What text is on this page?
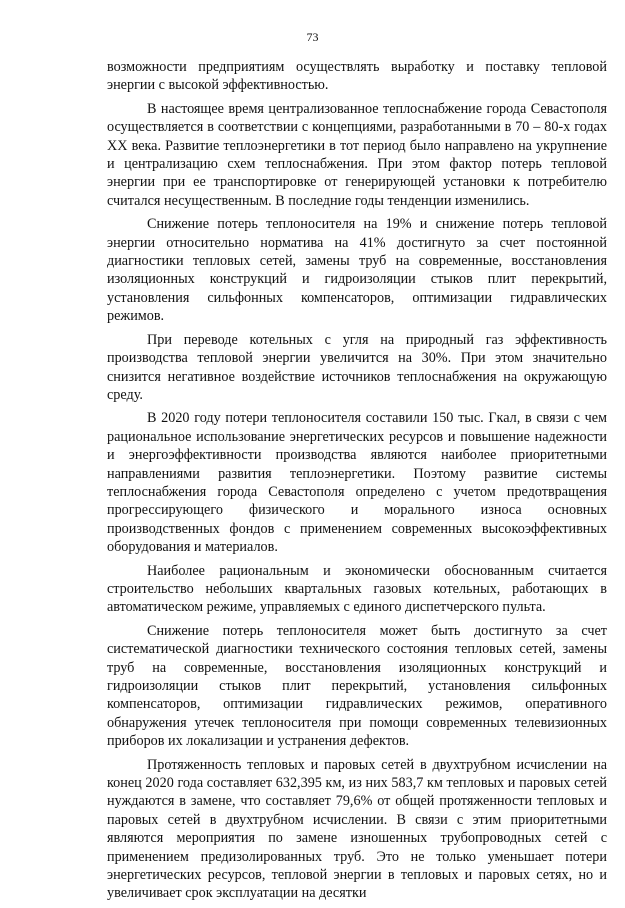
73

возможности предприятиям осуществлять выработку и поставку тепловой энергии с высокой эффективностью.

В настоящее время централизованное теплоснабжение города Севастополя осуществляется в соответствии с концепциями, разработанными в 70 – 80-х годах XX века. Развитие теплоэнергетики в тот период было направлено на укрупнение и централизацию схем теплоснабжения. При этом фактор потерь тепловой энергии при ее транспортировке от генерирующей установки к потребителю считался несущественным. В последние годы тенденции изменились.

Снижение потерь теплоносителя на 19% и снижение потерь тепловой энергии относительно норматива на 41% достигнуто за счет постоянной диагностики тепловых сетей, замены труб на современные, восстановления изоляционных конструкций и гидроизоляции стыков плит перекрытий, установления сильфонных компенсаторов, оптимизации гидравлических режимов.

При переводе котельных с угля на природный газ эффективность производства тепловой энергии увеличится на 30%. При этом значительно снизится негативное воздействие источников теплоснабжения на окружающую среду.

В 2020 году потери теплоносителя составили 150 тыс. Гкал, в связи с чем рациональное использование энергетических ресурсов и повышение надежности и энергоэффективности производства являются наиболее приоритетными направлениями развития теплоэнергетики. Поэтому развитие системы теплоснабжения города Севастополя определено с учетом предотвращения прогрессирующего физического и морального износа основных производственных фондов с применением современных высокоэффективных оборудования и материалов.

Наиболее рациональным и экономически обоснованным считается строительство небольших квартальных газовых котельных, работающих в автоматическом режиме, управляемых с единого диспетчерского пульта.

Снижение потерь теплоносителя может быть достигнуто за счет систематической диагностики технического состояния тепловых сетей, замены труб на современные, восстановления изоляционных конструкций и гидроизоляции стыков плит перекрытий, установления сильфонных компенсаторов, оптимизации гидравлических режимов, оперативного обнаружения утечек теплоносителя при помощи современных телевизионных приборов их локализации и устранения дефектов.

Протяженность тепловых и паровых сетей в двухтрубном исчислении на конец 2020 года составляет 632,395 км, из них 583,7 км тепловых и паровых сетей нуждаются в замене, что составляет 79,6% от общей протяженности тепловых и паровых сетей в двухтрубном исчислении. В связи с этим приоритетными являются мероприятия по замене изношенных трубопроводных сетей с применением предизолированных труб. Это не только уменьшает потери энергетических ресурсов, тепловой энергии в тепловых и паровых сетях, но и увеличивает срок эксплуатации на десятки
